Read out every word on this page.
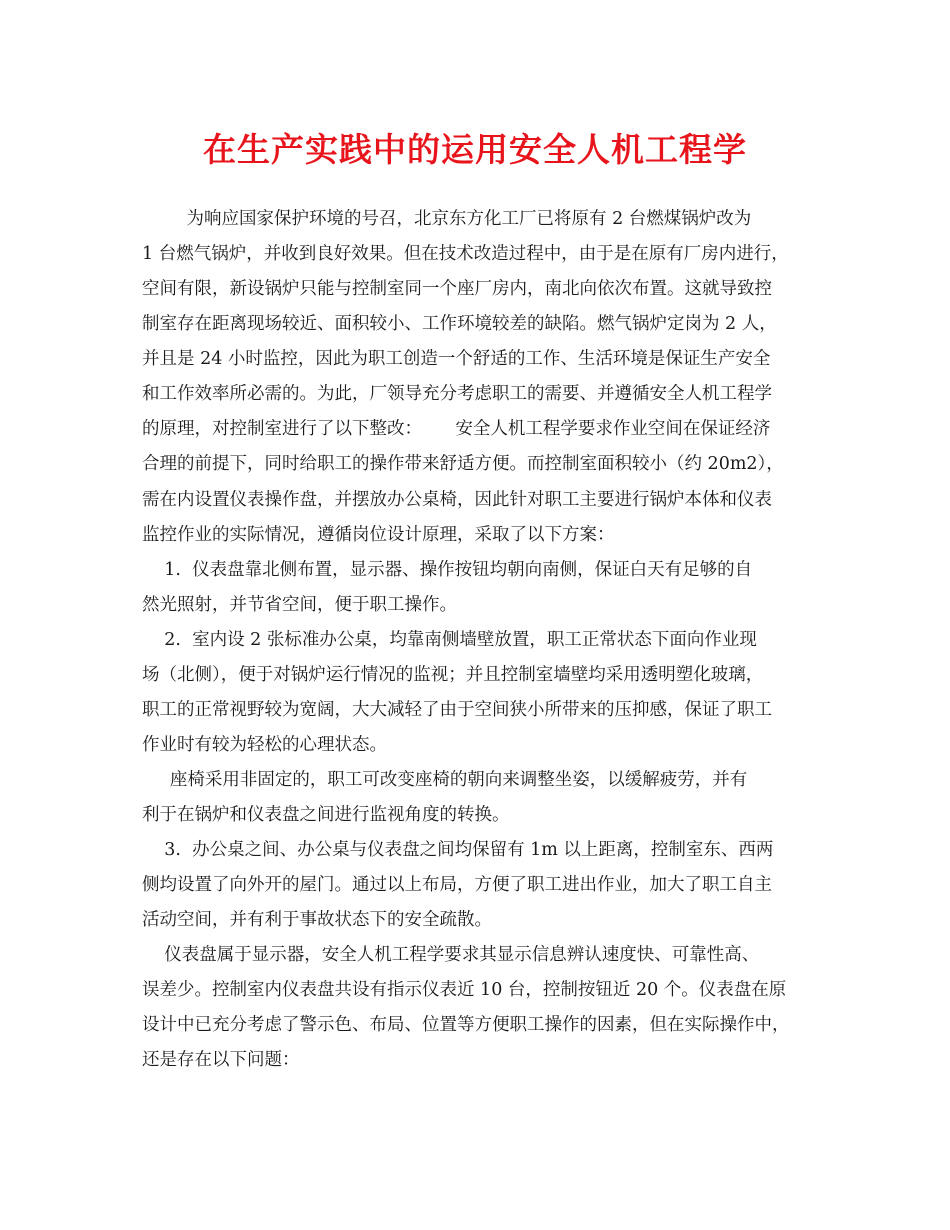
在生产实践中的运用安全人机工程学

为响应国家保护环境的号召，北京东方化工厂已将原有 2 台燃煤锅炉改为

1 台燃气锅炉，并收到良好效果。但在技术改造过程中，由于是在原有厂房内进行，

空间有限，新设锅炉只能与控制室同一个座厂房内，南北向依次布置。这就导致控

制室存在距离现场较近、面积较小、工作环境较差的缺陷。燃气锅炉定岗为 2 人，

并且是 24 小时监控，因此为职工创造一个舒适的工作、生活环境是保证生产安全

和工作效率所必需的。为此，厂领导充分考虑职工的需要、并遵循安全人机工程学

的原理，对控制室进行了以下整改：      安全人机工程学要求作业空间在保证经济

合理的前提下，同时给职工的操作带来舒适方便。而控制室面积较小（约 20m2），

需在内设置仪表操作盘，并摆放办公桌椅，因此针对职工主要进行锅炉本体和仪表

监控作业的实际情况，遵循岗位设计原理，采取了以下方案：

1.  仪表盘靠北侧布置，显示器、操作按钮均朝向南侧，保证白天有足够的自

然光照射，并节省空间，便于职工操作。

2.  室内设 2 张标准办公桌，均靠南侧墙壁放置，职工正常状态下面向作业现

场（北侧），便于对锅炉运行情况的监视；并且控制室墙壁均采用透明塑化玻璃，

职工的正常视野较为宽阔，大大减轻了由于空间狭小所带来的压抑感，保证了职工

作业时有较为轻松的心理状态。

座椅采用非固定的，职工可改变座椅的朝向来调整坐姿，以缓解疲劳，并有

利于在锅炉和仪表盘之间进行监视角度的转换。

3.  办公桌之间、办公桌与仪表盘之间均保留有 1m 以上距离，控制室东、西两

侧均设置了向外开的屋门。通过以上布局，方便了职工进出作业，加大了职工自主

活动空间，并有利于事故状态下的安全疏散。

仪表盘属于显示器，安全人机工程学要求其显示信息辨认速度快、可靠性高、

误差少。控制室内仪表盘共设有指示仪表近 10 台，控制按钮近 20 个。仪表盘在原

设计中已充分考虑了警示色、布局、位置等方便职工操作的因素，但在实际操作中，

还是存在以下问题：
